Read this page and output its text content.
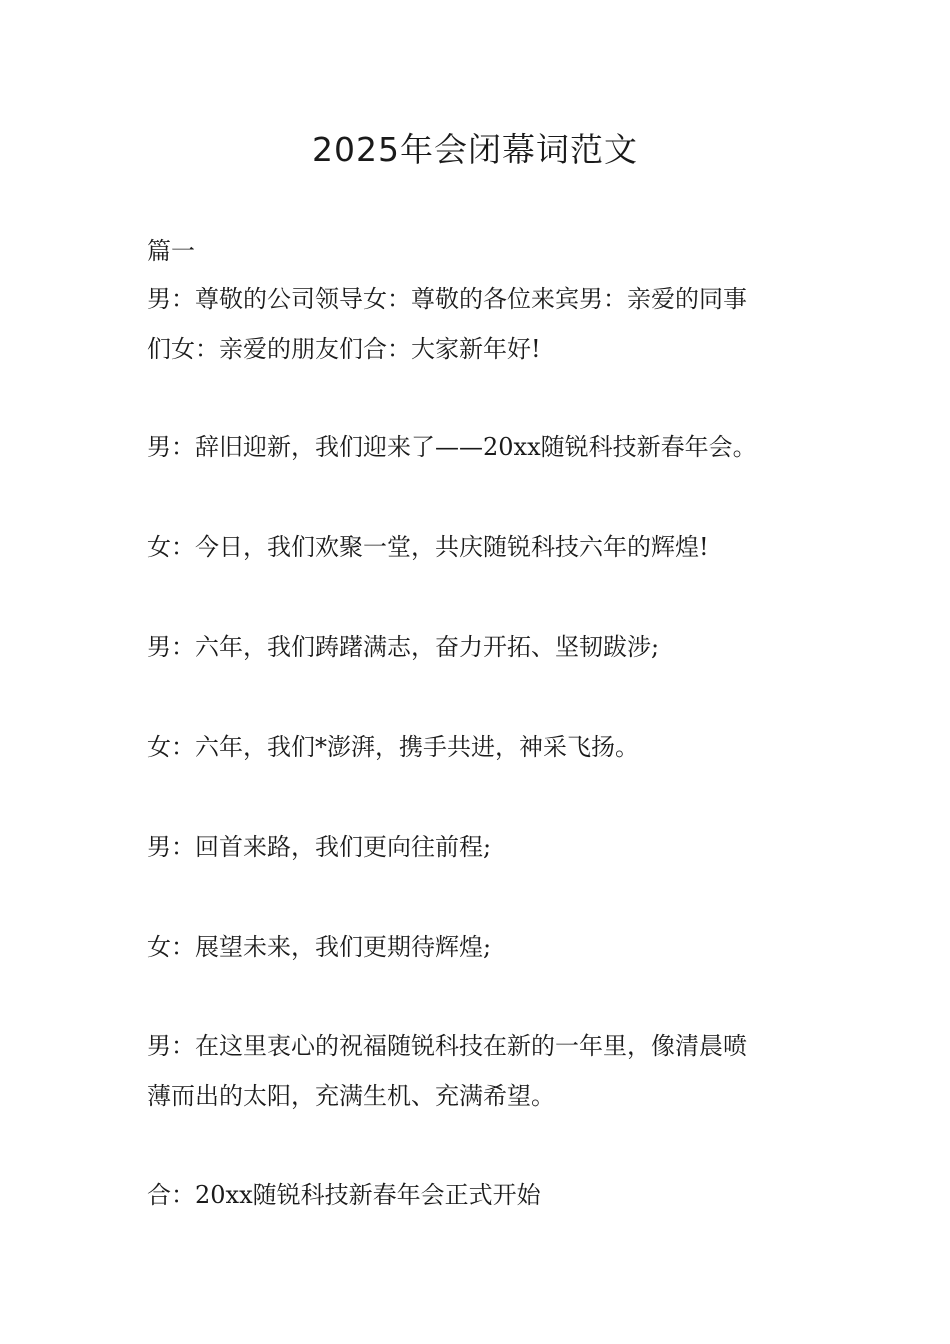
2025年会闭幕词范文

篇一

男：尊敬的公司领导女：尊敬的各位来宾男：亲爱的同事
们女：亲爱的朋友们合：大家新年好!

男：辞旧迎新，我们迎来了——20xx随锐科技新春年会。

女：今日，我们欢聚一堂，共庆随锐科技六年的辉煌!

男：六年，我们踌躇满志，奋力开拓、坚韧跋涉;

女：六年，我们*澎湃，携手共进，神采飞扬。

男：回首来路，我们更向往前程;

女：展望未来，我们更期待辉煌;

男：在这里衷心的祝福随锐科技在新的一年里，像清晨喷
薄而出的太阳，充满生机、充满希望。

合：20xx随锐科技新春年会正式开始
